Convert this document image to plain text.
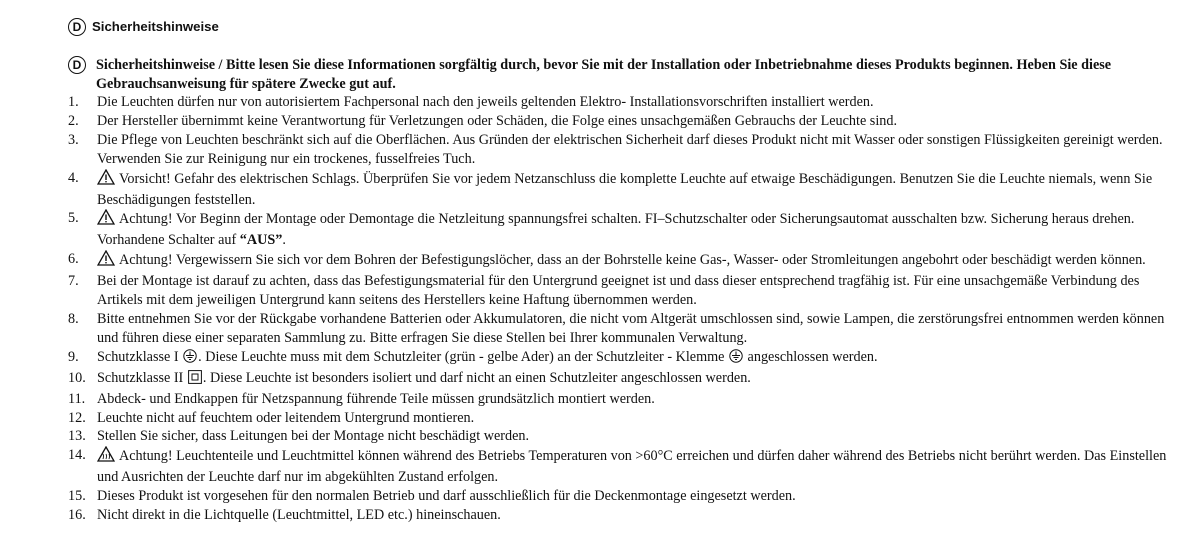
D Sicherheitshinweise
D	Sicherheitshinweise / Bitte lesen Sie diese Informationen sorgfältig durch, bevor Sie mit der Installation oder Inbetriebnahme dieses Produkts beginnen. Heben Sie diese Gebrauchsanweisung für spätere Zwecke gut auf.
1.	Die Leuchten dürfen nur von autorisiertem Fachpersonal nach den jeweils geltenden Elektro- Installationsvorschriften installiert werden.
2.	Der Hersteller übernimmt keine Verantwortung für Verletzungen oder Schäden, die Folge eines unsachgemäßen Gebrauchs der Leuchte sind.
3.	Die Pflege von Leuchten beschränkt sich auf die Oberflächen. Aus Gründen der elektrischen Sicherheit darf dieses Produkt nicht mit Wasser oder sonstigen Flüssigkeiten gereinigt werden. Verwenden Sie zur Reinigung nur ein trockenes, fusselfreies Tuch.
4.	Vorsicht! Gefahr des elektrischen Schlags. Überprüfen Sie vor jedem Netzanschluss die komplette Leuchte auf etwaige Beschädigungen. Benutzen Sie die Leuchte niemals, wenn Sie Beschädigungen feststellen.
5.	Achtung! Vor Beginn der Montage oder Demontage die Netzleitung spannungsfrei schalten. FI–Schutzschalter oder Sicherungsautomat ausschalten bzw. Sicherung heraus drehen. Vorhandene Schalter auf “AUS”.
6.	Achtung! Vergewissern Sie sich vor dem Bohren der Befestigungslöcher, dass an der Bohrstelle keine Gas-, Wasser- oder Stromleitungen angebohrt oder beschädigt werden können.
7.	Bei der Montage ist darauf zu achten, dass das Befestigungsmaterial für den Untergrund geeignet ist und dass dieser entsprechend tragfähig ist. Für eine unsachgemäße Verbindung des Artikels mit dem jeweiligen Untergrund kann seitens des Herstellers keine Haftung übernommen werden.
8.	Bitte entnehmen Sie vor der Rückgabe vorhandene Batterien oder Akkumulatoren, die nicht vom Altgerät umschlossen sind, sowie Lampen, die zerstörungsfrei entnommen werden können und führen diese einer separaten Sammlung zu. Bitte erfragen Sie diese Stellen bei Ihrer kommunalen Verwaltung.
9.	Schutzklasse I . Diese Leuchte muss mit dem Schutzleiter (grün - gelbe Ader) an der Schutzleiter - Klemme  angeschlossen werden.
10. Schutzklasse II . Diese Leuchte ist besonders isoliert und darf nicht an einen Schutzleiter angeschlossen werden.
11. Abdeck- und Endkappen für Netzspannung führende Teile müssen grundsätzlich montiert werden.
12. Leuchte nicht auf feuchtem oder leitendem Untergrund montieren.
13. Stellen Sie sicher, dass Leitungen bei der Montage nicht beschädigt werden.
14.	Achtung! Leuchtenteile und Leuchtmittel können während des Betriebs Temperaturen von >60°C erreichen und dürfen daher während des Betriebs nicht berührt werden. Das Einstellen und Ausrichten der Leuchte darf nur im abgekühlten Zustand erfolgen.
15. Dieses Produkt ist vorgesehen für den normalen Betrieb und darf ausschließlich für die Deckenmontage eingesetzt werden.
16. Nicht direkt in die Lichtquelle (Leuchtmittel, LED etc.) hineinschauen.
